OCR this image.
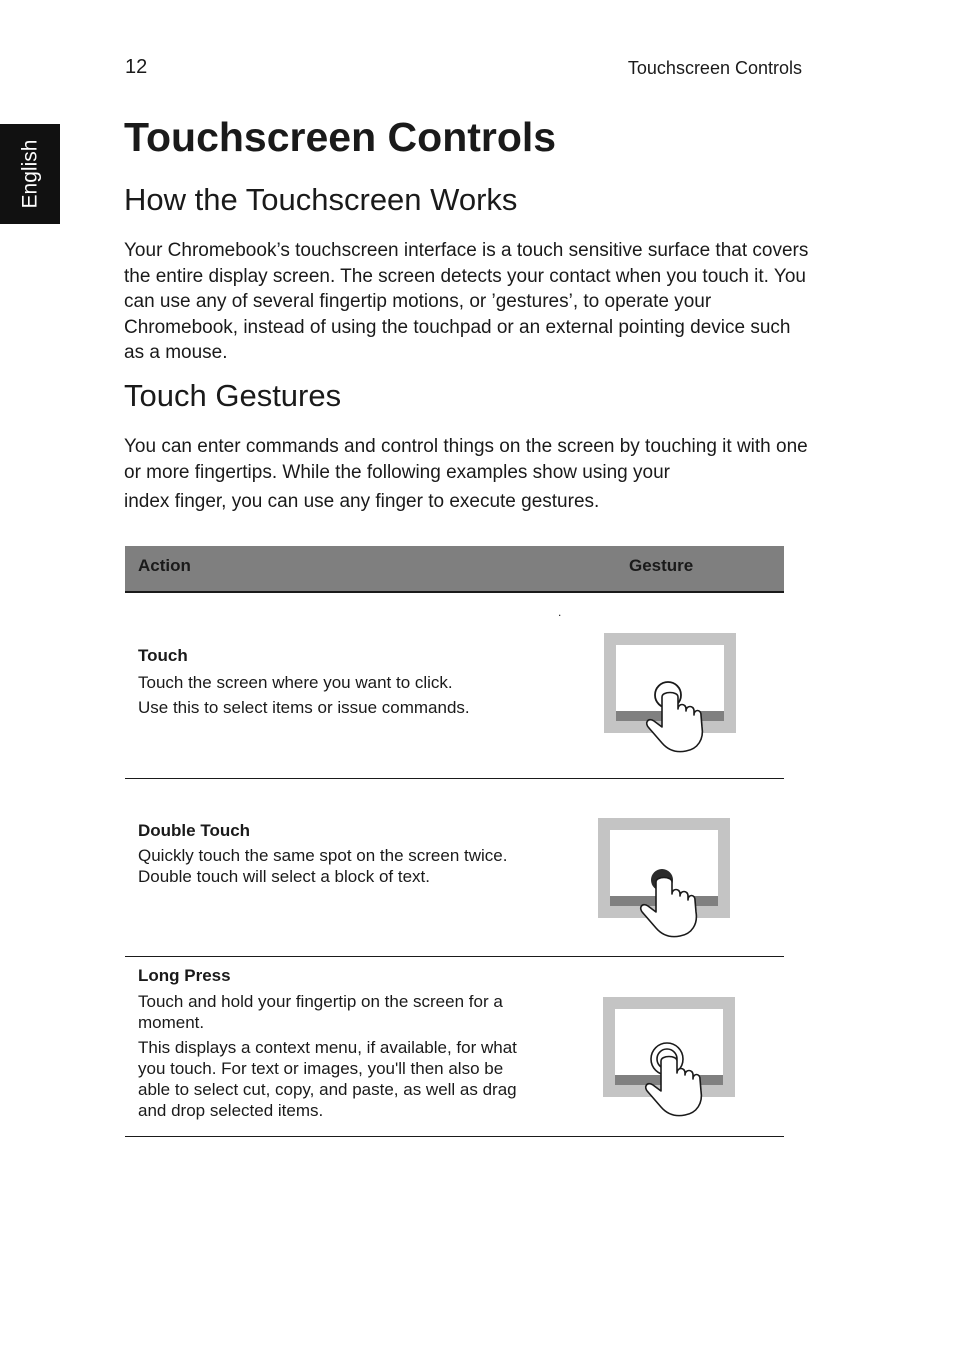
12	Touchscreen Controls
English
Touchscreen Controls
How the Touchscreen Works

Your Chromebook’s touchscreen interface is a touch sensitive surface that covers the entire display screen. The screen detects your contact when you touch it. You can use any of several fingertip motions, or ’gestures’, to operate your Chromebook, instead of using the touchpad or an external pointing device such as a mouse.

Touch Gestures

You can enter commands and control things on the screen by touching it with one or more fingertips. While the following examples show using your

index finger, you can use any finger to execute gestures.

Action	Gesture
.
Touch

Touch the screen where you want to click.

Use this to select items or issue commands.

Double Touch

Quickly touch the same spot on the screen twice.

Double touch will select a block of text.

Long Press

Touch and hold your fingertip on the screen for a moment.

This displays a context menu, if available, for what you touch. For text or images, you'll then also be able to select cut, copy, and paste, as well as drag and drop selected items.
